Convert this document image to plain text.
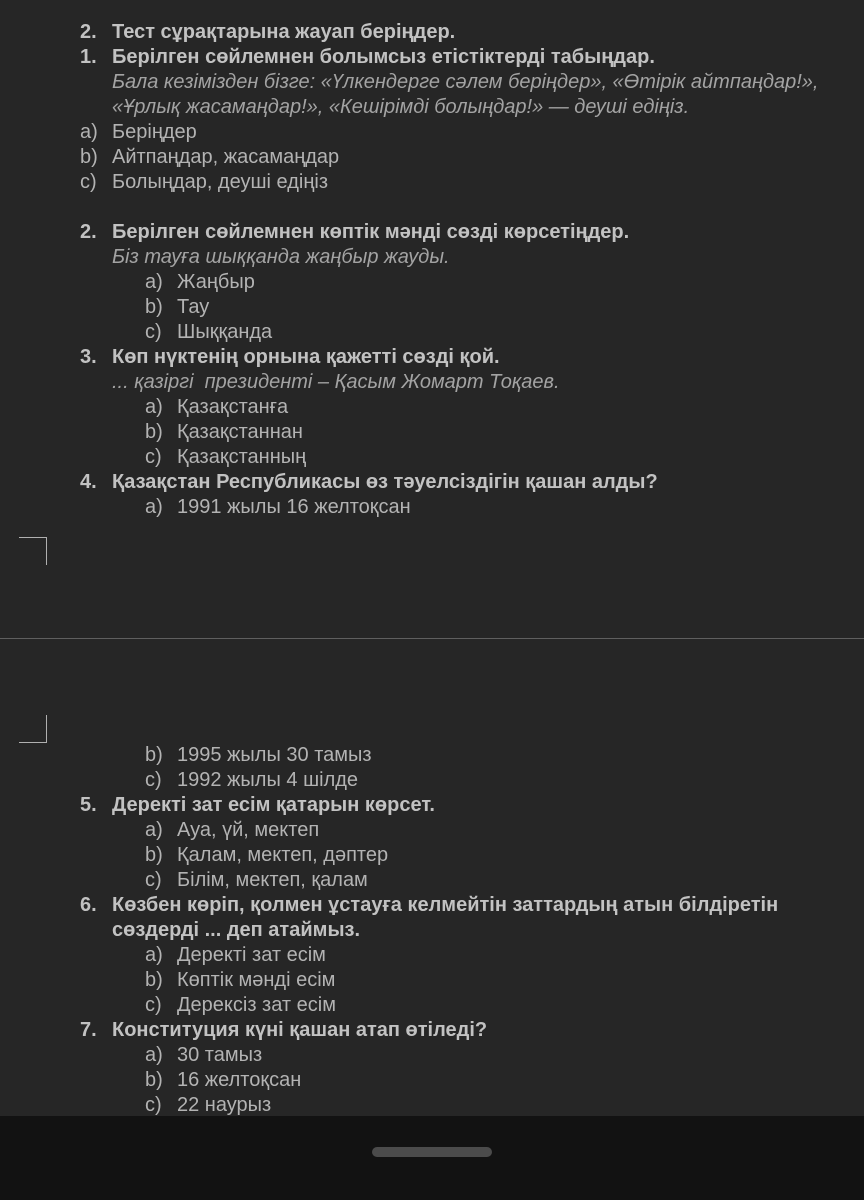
2. Тест сұрақтарына жауап беріңдер.
1. Берілген сөйлемнен болымсыз етістіктерді табыңдар.
Бала кезімізден бізге: «Үлкендерге сәлем беріңдер», «Өтірік айтпаңдар!»,
«Ұрлық жасамаңдар!», «Кешірімді болыңдар!» — деуші едіңіз.
a) Беріңдер
b) Айтпаңдар, жасамаңдар
c) Болыңдар, деуші едіңіз
2. Берілген сөйлемнен көптік мәнді сөзді көрсетіңдер.
Біз тауға шыққанда жаңбыр жауды.
a) Жаңбыр
b) Тау
c) Шыққанда
3. Көп нүктенің орнына қажетті сөзді қой.
... қазіргі  президенті – Қасым Жомарт Тоқаев.
a) Қазақстанға
b) Қазақстаннан
c) Қазақстанның
4. Қазақстан Республикасы өз тәуелсіздігін қашан алды?
a) 1991 жылы 16 желтоқсан
b) 1995 жылы 30 тамыз
c) 1992 жылы 4 шілде
5. Деректі зат есім қатарын көрсет.
a) Ауа, үй, мектеп
b) Қалам, мектеп, дәптер
c) Білім, мектеп, қалам
6. Көзбен көріп, қолмен ұстауға келмейтін заттардың атын білдіретін
сөздерді ... деп атаймыз.
a) Деректі зат есім
b) Көптік мәнді есім
c) Дерексіз зат есім
7. Конституция күні қашан атап өтіледі?
a) 30 тамыз
b) 16 желтоқсан
c) 22 наурыз
